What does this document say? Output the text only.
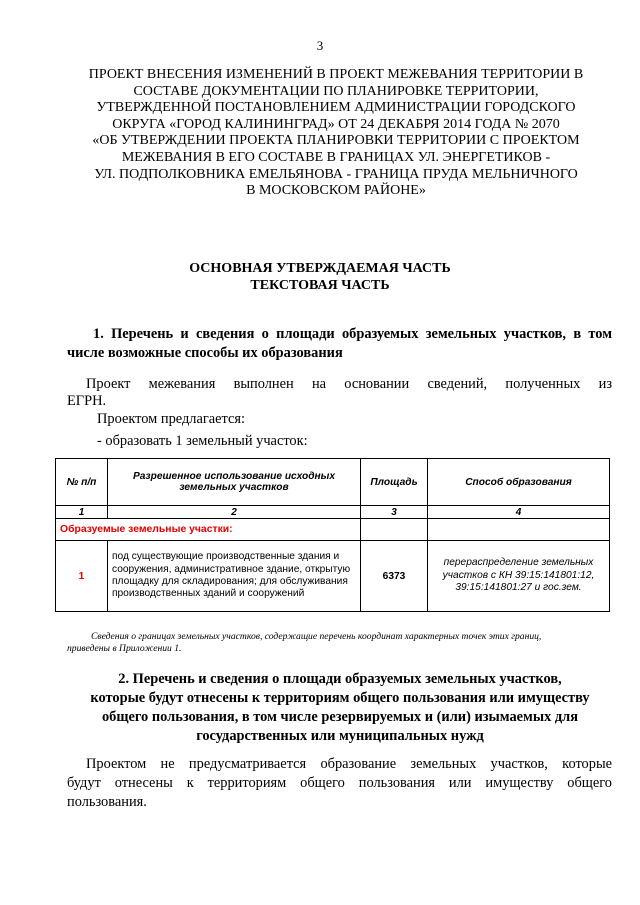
3
ПРОЕКТ ВНЕСЕНИЯ ИЗМЕНЕНИЙ В ПРОЕКТ МЕЖЕВАНИЯ ТЕРРИТОРИИ В
СОСТАВЕ ДОКУМЕНТАЦИИ ПО ПЛАНИРОВКЕ ТЕРРИТОРИИ,
УТВЕРЖДЕННОЙ ПОСТАНОВЛЕНИЕМ АДМИНИСТРАЦИИ ГОРОДСКОГО
ОКРУГА «ГОРОД КАЛИНИНГРАД» ОТ 24 ДЕКАБРЯ 2014 ГОДА № 2070
«ОБ УТВЕРЖДЕНИИ ПРОЕКТА ПЛАНИРОВКИ ТЕРРИТОРИИ С ПРОЕКТОМ
МЕЖЕВАНИЯ В ЕГО СОСТАВЕ В ГРАНИЦАХ УЛ. ЭНЕРГЕТИКОВ -
УЛ. ПОДПОЛКОВНИКА ЕМЕЛЬЯНОВА - ГРАНИЦА ПРУДА МЕЛЬНИЧНОГО
В МОСКОВСКОМ РАЙОНЕ»
ОСНОВНАЯ УТВЕРЖДАЕМАЯ ЧАСТЬ
ТЕКСТОВАЯ ЧАСТЬ
1. Перечень и сведения о площади образуемых земельных участков, в том
числе возможные способы их образования
Проект межевания выполнен на основании сведений, полученных из
ЕГРН.
Проектом предлагается:
- образовать 1 земельный участок:
№ п/п	Разрешенное использование исходных земельных участков	Площадь	Способ образования
1	2	3	4
Образуемые земельные участки:			
1	под существующие производственные здания и сооружения, административное здание, открытую площадку для складирования; для обслуживания производственных зданий и сооружений	6373	перераспределение земельных участков с КН 39:15:141801:12, 39:15:141801:27 и гос.зем.
Сведения о границах земельных участков, содержащие перечень координат характерных точек этих границ,
приведены в Приложении 1.
2. Перечень и сведения о площади образуемых земельных участков,
которые будут отнесены к территориям общего пользования или имуществу
общего пользования, в том числе резервируемых и (или) изымаемых для
государственных или муниципальных нужд
Проектом не предусматривается образование земельных участков, которые
будут отнесены к территориям общего пользования или имуществу общего
пользования.
